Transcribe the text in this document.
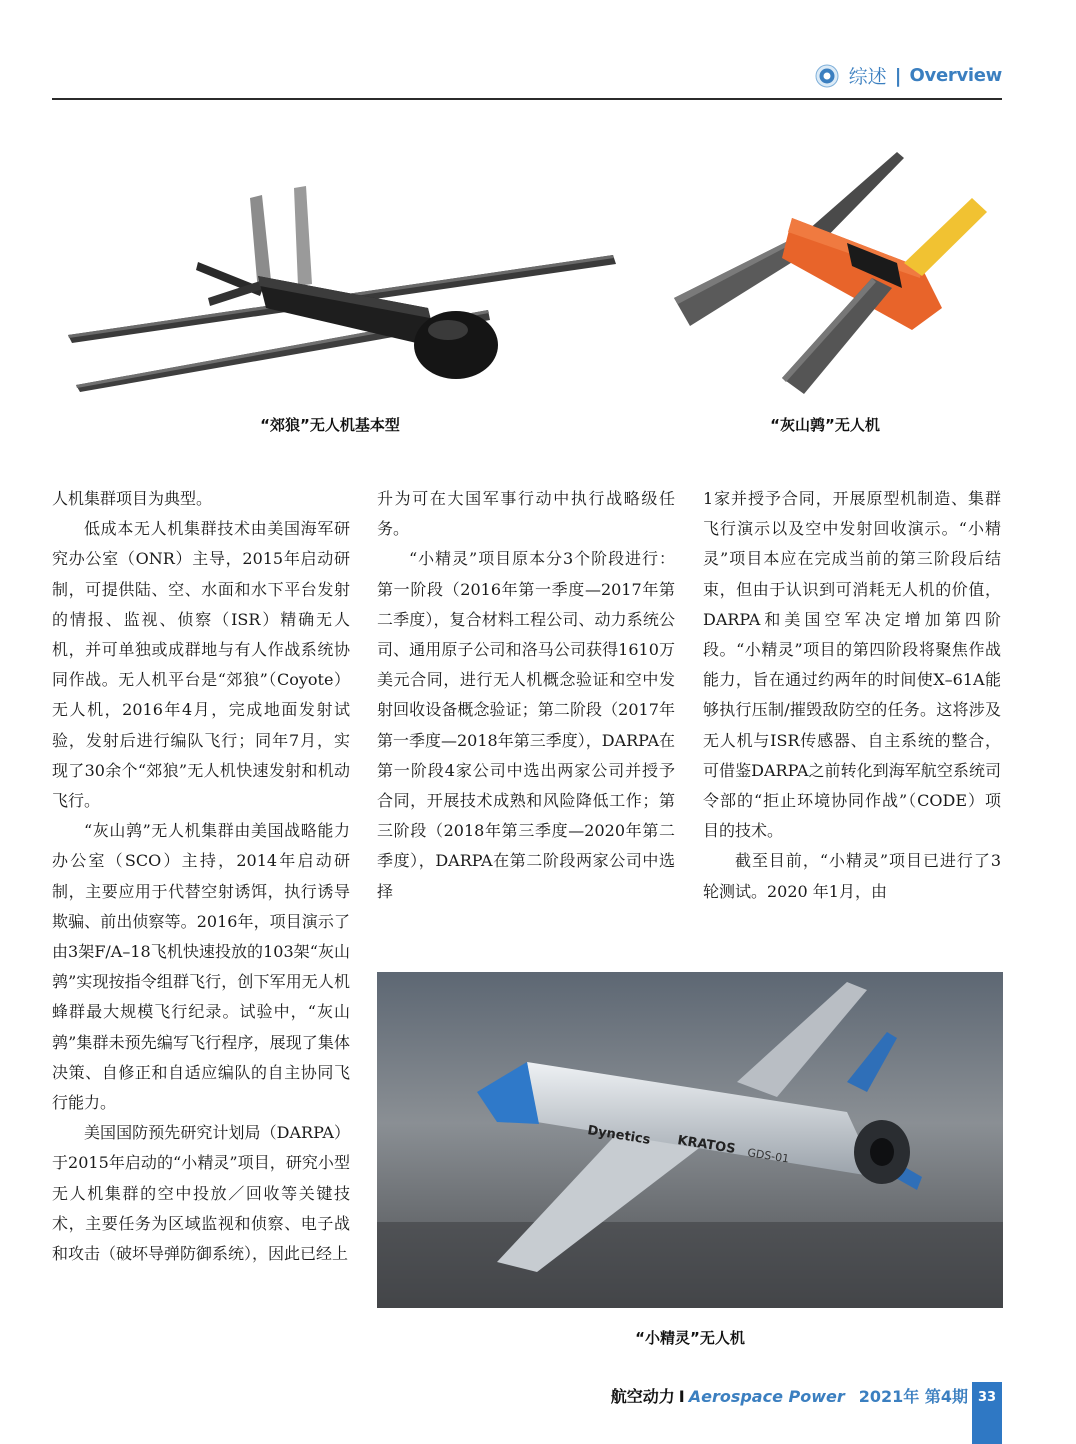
综述 | Overview
“郊狼”无人机基本型	“灰山鹑”无人机

人机集群项目为典型。

低成本无人机集群技术由美国海军研究办公室（ONR）主导，2015年启动研制，可提供陆、空、水面和水下平台发射的情报、监视、侦察（ISR）精确无人机，并可单独或成群地与有人作战系统协同作战。无人机平台是“郊狼”（Coyote）无人机，2016年4月，完成地面发射试验，发射后进行编队飞行；同年7月，实现了30余个“郊狼”无人机快速发射和机动飞行。

“灰山鹑”无人机集群由美国战略能力办公室（SCO）主持，2014年启动研制，主要应用于代替空射诱饵，执行诱导欺骗、前出侦察等。2016年，项目演示了由3架F/A–18飞机快速投放的103架“灰山鹑”实现按指令组群飞行，创下军用无人机蜂群最大规模飞行纪录。试验中，“灰山鹑”集群未预先编写飞行程序，展现了集体决策、自修正和自适应编队的自主协同飞行能力。

美国国防预先研究计划局（DARPA）于2015年启动的“小精灵”项目，研究小型无人机集群的空中投放／回收等关键技术，主要任务为区域监视和侦察、电子战和攻击（破坏导弹防御系统），因此已经上

升为可在大国军事行动中执行战略级任务。

“小精灵”项目原本分3个阶段进行：第一阶段（2016年第一季度—2017年第二季度），复合材料工程公司、动力系统公司、通用原子公司和洛马公司获得1610万美元合同，进行无人机概念验证和空中发射回收设备概念验证；第二阶段（2017年第一季度—2018年第三季度），DARPA在第一阶段4家公司中选出两家公司并授予合同，开展技术成熟和风险降低工作；第三阶段（2018年第三季度—2020年第二季度），DARPA在第二阶段两家公司中选择

1家并授予合同，开展原型机制造、集群飞行演示以及空中发射回收演示。“小精灵”项目本应在完成当前的第三阶段后结束，但由于认识到可消耗无人机的价值，DARPA和美国空军决定增加第四阶段。“小精灵”项目的第四阶段将聚焦作战能力，旨在通过约两年的时间使X–61A能够执行压制/摧毁敌防空的任务。这将涉及无人机与ISR传感器、自主系统的整合，可借鉴DARPA之前转化到海军航空系统司令部的“拒止环境协同作战”（CODE）项目的技术。

截至目前，“小精灵”项目已进行了3轮测试。2020 年1月，由

Dynetics KRATOS GDS-01
“小精灵”无人机
航空动力 I Aerospace Power 2021年 第4期 33
